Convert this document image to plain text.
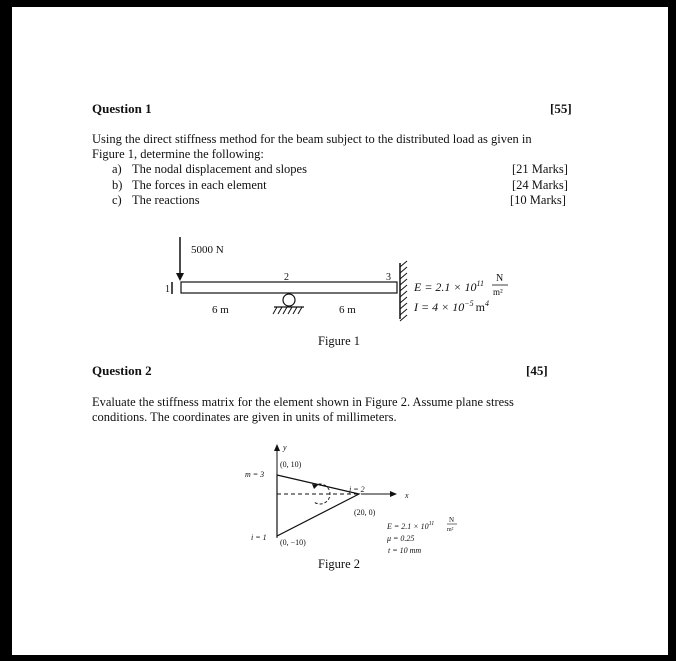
Question 1	[55]
Using the direct stiffness method for the beam subject to the distributed load as given in
Figure 1, determine the following:
a) The nodal displacement and slopes	[21 Marks]
b) The forces in each element	[24 Marks]
c) The reactions	[10 Marks]
5000 N
2	3
6 m	6 m
$E = 2.1 \times 10^{11}$ N
m²
$I = 4 \times 10^{-5}$ $m^4$
1
Figure 1
Question 2	[45]
Evaluate the stiffness matrix for the element shown in Figure 2. Assume plane stress
conditions. The coordinates are given in units of millimeters.
y
x
(0, 10)
m = 3
j = 2
(20, 0)
i = 1
(0, −10)
$E = 2.1 \times 10^{11}$ N
m²
μ = 0.25
t = 10 mm
Figure 2
